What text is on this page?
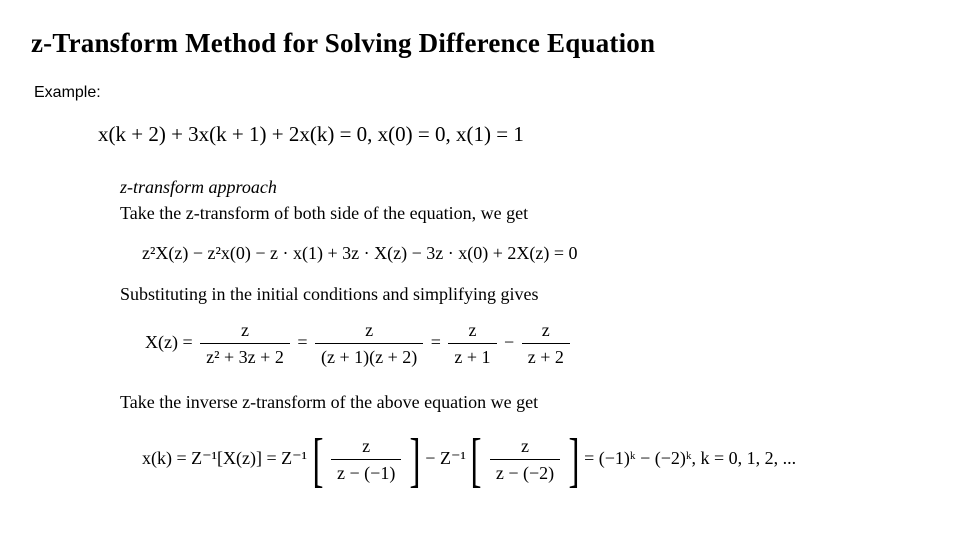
z-Transform Method for Solving Difference Equation
Example:
x(k + 2) + 3x(k + 1) + 2x(k) = 0, x(0) = 0, x(1) = 1
z-transform approach
Take the z-transform of both side of the equation, we get
z²X(z) − z²x(0) − z · x(1) + 3z · X(z) − 3z · x(0) + 2X(z) = 0
Substituting in the initial conditions and simplifying gives
$X(z) = \frac{z}{\text{z² + 3z + 2}} = \frac{z}{(z + 1)(z + 2)} = \frac{z}{z + 1} - \frac{z}{z + 2}$
Take the inverse z-transform of the above equation we get
x(k) = Z⁻¹[X(z)] = Z⁻¹ [ $\frac{z}{z - (-1)}$ ] − Z⁻¹ [ $\frac{z}{z - (-2)}$ ] = (−1)ᵏ − (−2)ᵏ, k = 0, 1, 2, ...
